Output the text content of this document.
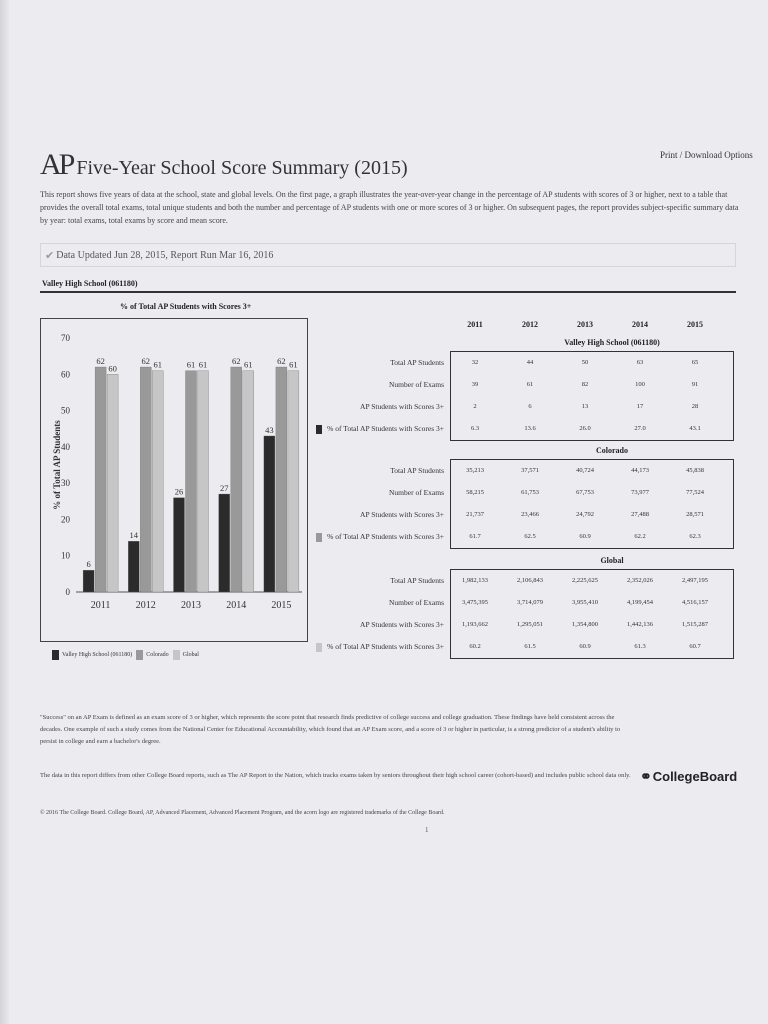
Print / Download Options
AP Five-Year School Score Summary (2015)
This report shows five years of data at the school, state and global levels. On the first page, a graph illustrates the year-over-year change in the percentage of AP students with scores of 3 or higher, next to a table that provides the overall total exams, total unique students and both the number and percentage of AP students with one or more scores of 3 or higher. On subsequent pages, the report provides subject-specific summary data by year: total exams, total exams by score and mean score.
✔ Data Updated Jun 28, 2015, Report Run Mar 16, 2016
Valley High School (061180)
% of Total AP Students with Scores 3+
0
10
20
30
40
50
60
70
% of Total AP Students
6
62
60
2011
14
62 61
2012
26
61 61
2013
27
62 61
2014
43
62 61
2015
Valley High School (061180) Colorado Global
2011	2012	2013	2014	2015
Valley High School (061180)
Total AP Students	32	44	50	63	65
Number of Exams	39	61	82	100	91
AP Students with Scores 3+	2	6	13	17	28
% of Total AP Students with Scores 3+	6.3	13.6	26.0	27.0	43.1
Colorado
Total AP Students	35,213	37,571	40,724	44,173	45,838
Number of Exams	58,215	61,753	67,753	73,977	77,524
AP Students with Scores 3+	21,737	23,466	24,792	27,488	28,571
% of Total AP Students with Scores 3+	61.7	62.5	60.9	62.2	62.3
Global
Total AP Students	1,982,133	2,106,843	2,225,625	2,352,026	2,497,195
Number of Exams	3,475,395	3,714,079	3,955,410	4,199,454	4,516,157
AP Students with Scores 3+	1,193,662	1,295,051	1,354,800	1,442,136	1,515,287
% of Total AP Students with Scores 3+	60.2	61.5	60.9	61.3	60.7
"Success" on an AP Exam is defined as an exam score of 3 or higher, which represents the score point that research finds predictive of college success and college graduation. These findings have held consistent across the decades. One example of such a study comes from the National Center for Educational Accountability, which found that an AP Exam score, and a score of 3 or higher in particular, is a strong predictor of a student's ability to persist in college and earn a bachelor's degree.
The data in this report differs from other College Board reports, such as The AP Report to the Nation, which tracks exams taken by seniors throughout their high school career (cohort-based) and includes public school data only. ⚭CollegeBoard
© 2016 The College Board. College Board, AP, Advanced Placement, Advanced Placement Program, and the acorn logo are registered trademarks of the College Board.
1
